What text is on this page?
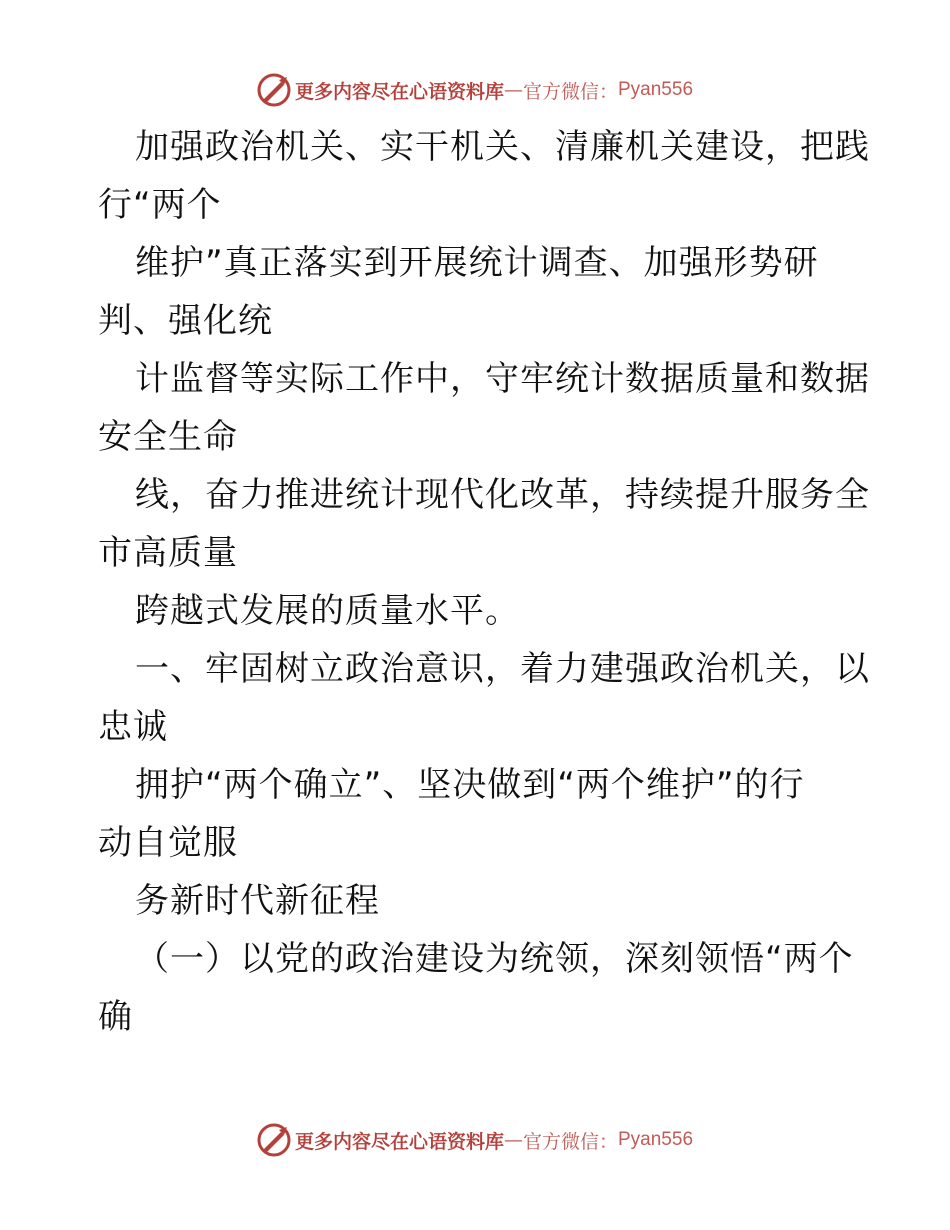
更多内容尽在心语资料库 — 官方微信： Pyan556
加强政治机关、实干机关、清廉机关建设，把践
行“两个
维护”真正落实到开展统计调查、加强形势研
判、强化统
计监督等实际工作中，守牢统计数据质量和数据
安全生命
线，奋力推进统计现代化改革，持续提升服务全
市高质量
跨越式发展的质量水平。
一、牢固树立政治意识，着力建强政治机关，以
忠诚
拥护“两个确立”、坚决做到“两个维护”的行
动自觉服
务新时代新征程
（一）以党的政治建设为统领，深刻领悟“两个
确
更多内容尽在心语资料库 — 官方微信： Pyan556
